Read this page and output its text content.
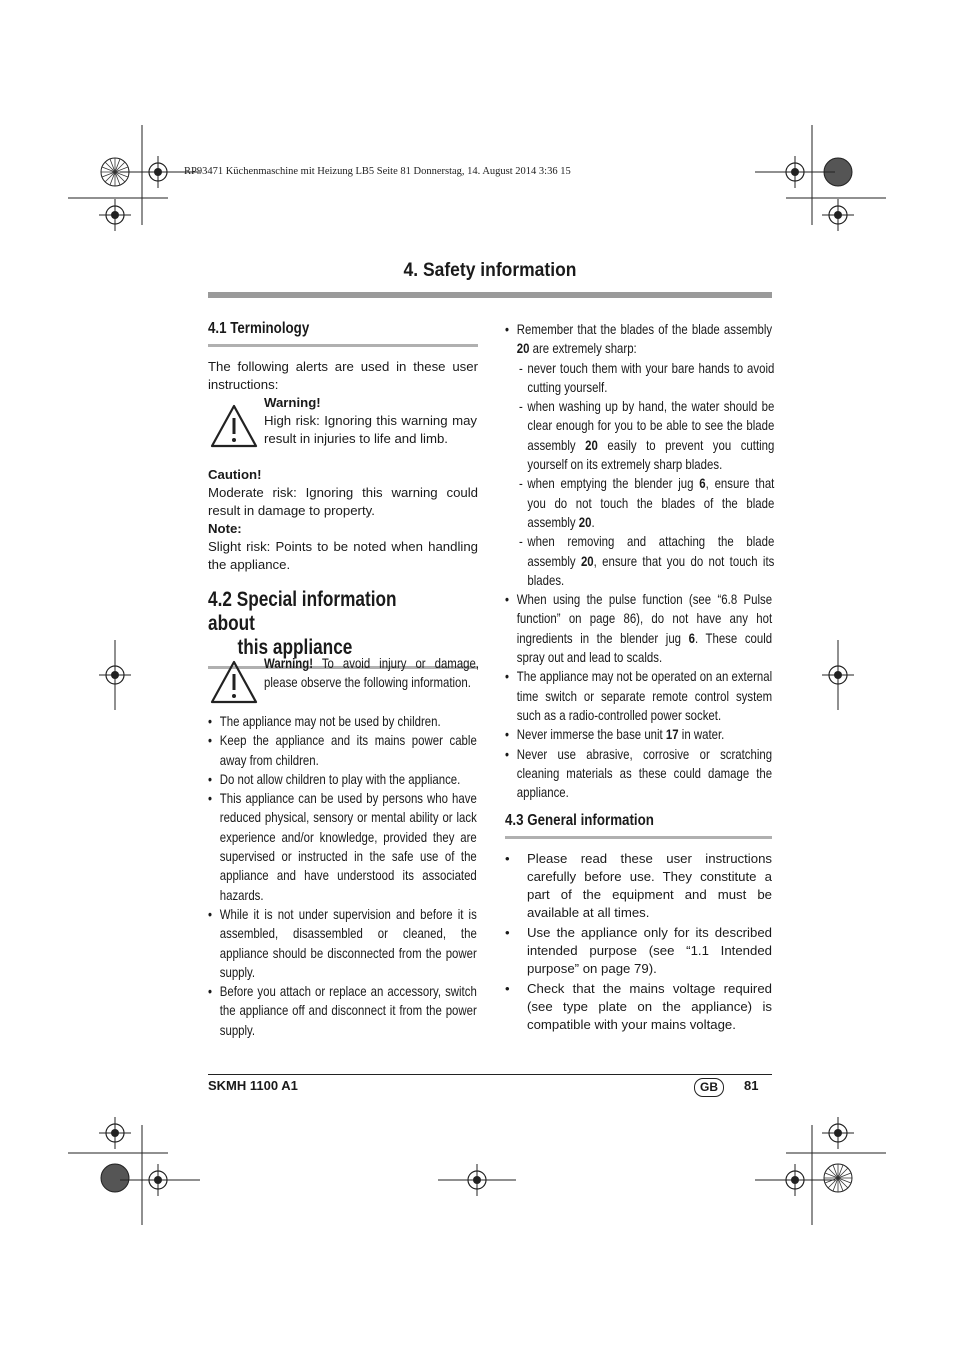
RP93471 Küchenmaschine mit Heizung LB5 Seite 81 Donnerstag, 14. August 2014 3:36 15
4. Safety information
4.1 Terminology
The following alerts are used in these user instructions:
Warning!
High risk: Ignoring this warning may result in injuries to life and limb.
Caution!
Moderate risk: Ignoring this warning could result in damage to property.
Note:
Slight risk: Points to be noted when handling the appliance.
4.2 Special information about
this appliance
Warning! To avoid injury or damage, please observe the following information.
• The appliance may not be used by children.
• Keep the appliance and its mains power cable away from children.
• Do not allow children to play with the appliance.
• This appliance can be used by persons who have reduced physical, sensory or mental ability or lack experience and/or knowledge, provided they are supervised or instructed in the safe use of the appliance and have understood its associated hazards.
• While it is not under supervision and before it is assembled, disassembled or cleaned, the appliance should be disconnected from the power supply.
• Before you attach or replace an accessory, switch the appliance off and disconnect it from the power supply.
• Remember that the blades of the blade assembly 20 are extremely sharp:
- never touch them with your bare hands to avoid cutting yourself.
- when washing up by hand, the water should be clear enough for you to be able to see the blade assembly 20 easily to prevent you cutting yourself on its extremely sharp blades.
- when emptying the blender jug 6, ensure that you do not touch the blades of the blade assembly 20.
- when removing and attaching the blade assembly 20, ensure that you do not touch its blades.
• When using the pulse function (see “6.8 Pulse function” on page 86), do not have any hot ingredients in the blender jug 6. These could spray out and lead to scalds.
• The appliance may not be operated on an external time switch or separate remote control system such as a radio-controlled power socket.
• Never immerse the base unit 17 in water.
• Never use abrasive, corrosive or scratching cleaning materials as these could damage the appliance.
4.3 General information
• Please read these user instructions carefully before use. They constitute a part of the equipment and must be available at all times.
• Use the appliance only for its described intended purpose (see “1.1 Intended purpose” on page 79).
• Check that the mains voltage required (see type plate on the appliance) is compatible with your mains voltage.
SKMH 1100 A1	GB	81
